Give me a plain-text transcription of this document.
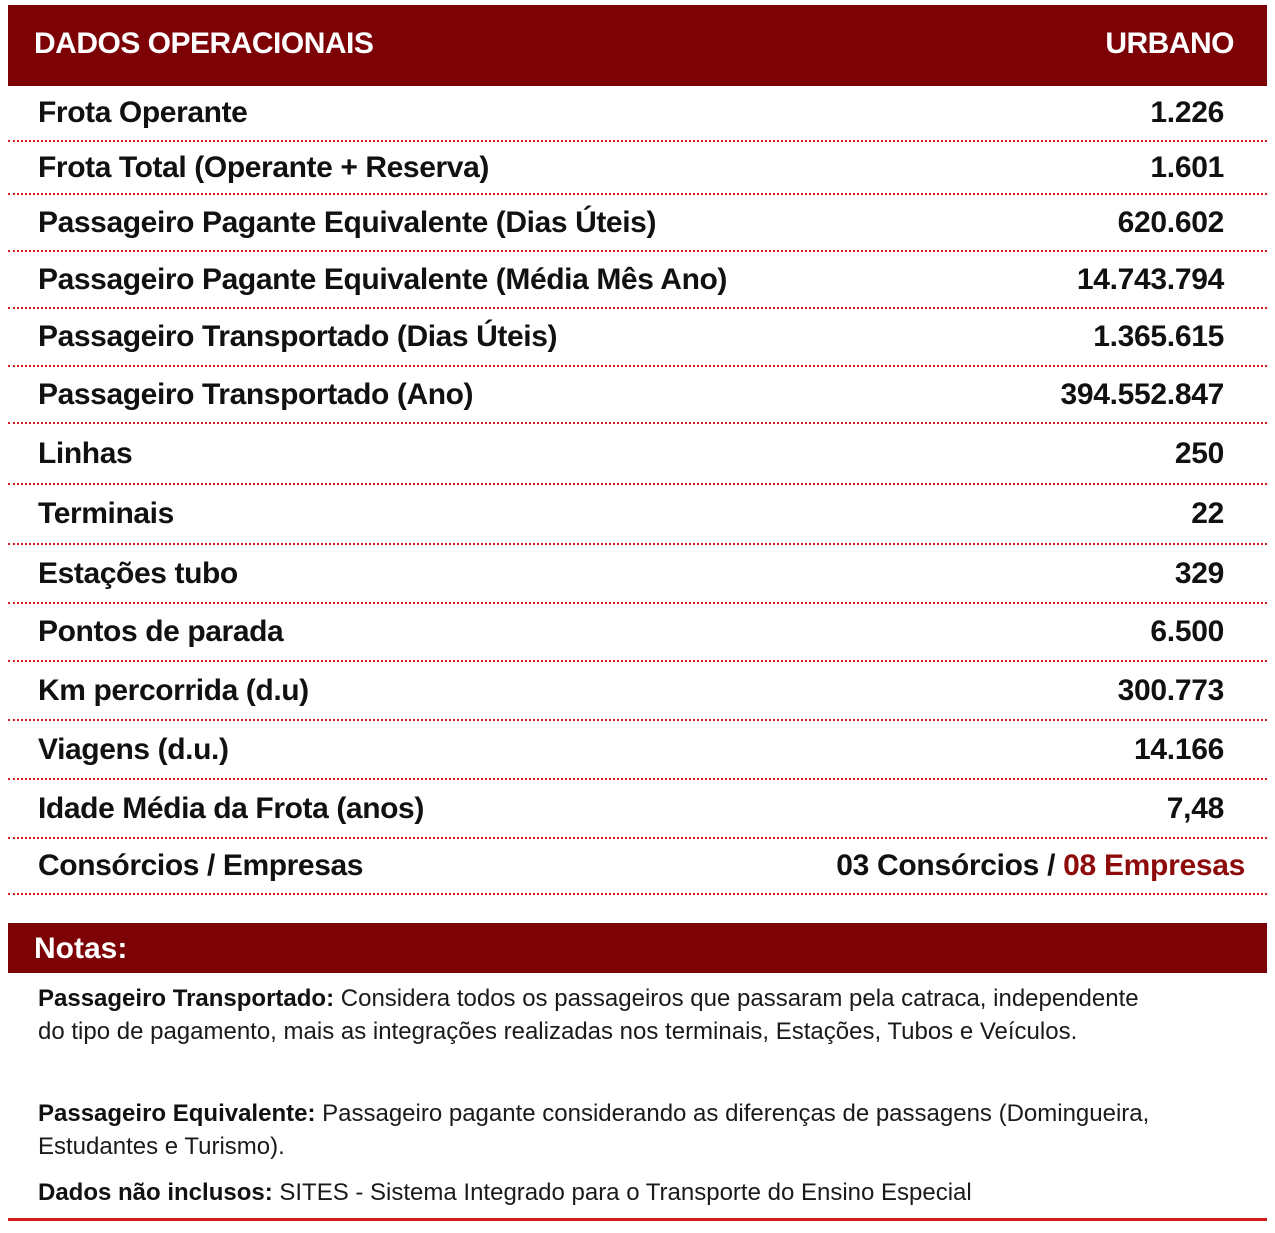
DADOS OPERACIONAIS	URBANO
Frota Operante	1.226
Frota Total (Operante + Reserva)	1.601
Passageiro Pagante Equivalente (Dias Úteis)	620.602
Passageiro Pagante Equivalente (Média Mês Ano)	14.743.794
Passageiro Transportado (Dias Úteis)	1.365.615
Passageiro Transportado (Ano)	394.552.847
Linhas	250
Terminais	22
Estações tubo	329
Pontos de parada	6.500
Km percorrida (d.u)	300.773
Viagens (d.u.)	14.166
Idade Média da Frota (anos)	7,48
Consórcios / Empresas	03 Consórcios / 08 Empresas
Notas:
Passageiro Transportado: Considera todos os passageiros que passaram pela catraca, independente do tipo de pagamento, mais as integrações realizadas nos terminais, Estações, Tubos e Veículos.
Passageiro Equivalente: Passageiro pagante considerando as diferenças de passagens (Domingueira, Estudantes e Turismo).
Dados não inclusos: SITES - Sistema Integrado para o Transporte do Ensino Especial
